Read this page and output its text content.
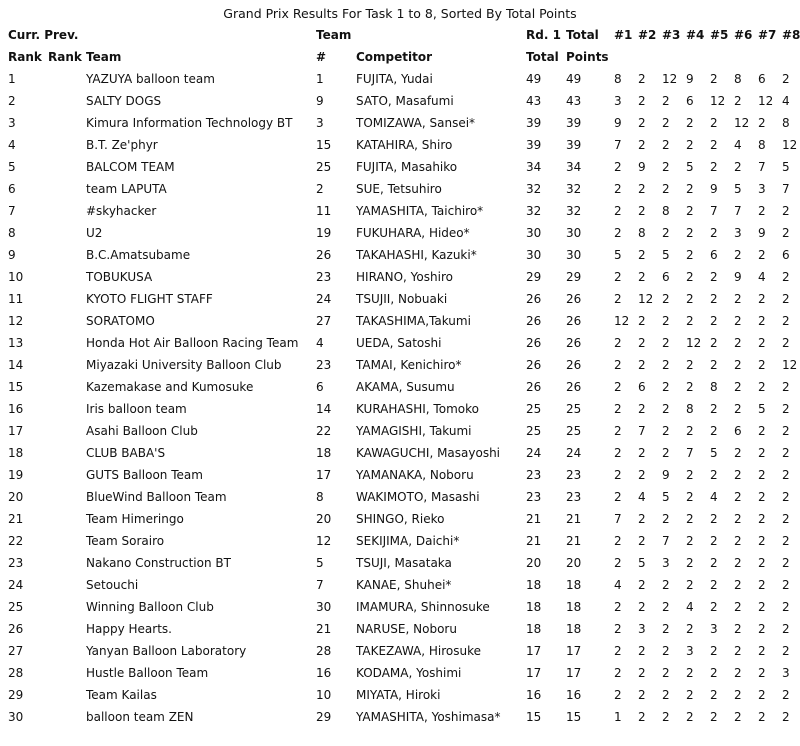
Grand Prix Results For Task 1 to 8, Sorted By Total Points
Curr. Prev.			Team		Rd. 1	Total	#1	#2	#3	#4	#5	#6	#7	#8
Rank	Rank	Team	#	Competitor	Total	Points								
1		YAZUYA balloon team	1	FUJITA, Yudai	49	49	8	2	12	9	2	8	6	2
2		SALTY DOGS	9	SATO, Masafumi	43	43	3	2	2	6	12	2	12	4
3		Kimura Information Technology BT	3	TOMIZAWA, Sansei*	39	39	9	2	2	2	2	12	2	8
4		B.T. Ze'phyr	15	KATAHIRA, Shiro	39	39	7	2	2	2	2	4	8	12
5		BALCOM TEAM	25	FUJITA, Masahiko	34	34	2	9	2	5	2	2	7	5
6		team LAPUTA	2	SUE, Tetsuhiro	32	32	2	2	2	2	9	5	3	7
7		#skyhacker	11	YAMASHITA, Taichiro*	32	32	2	2	8	2	7	7	2	2
8		U2	19	FUKUHARA, Hideo*	30	30	2	8	2	2	2	3	9	2
9		B.C.Amatsubame	26	TAKAHASHI, Kazuki*	30	30	5	2	5	2	6	2	2	6
10		TOBUKUSA	23	HIRANO, Yoshiro	29	29	2	2	6	2	2	9	4	2
11		KYOTO FLIGHT STAFF	24	TSUJII, Nobuaki	26	26	2	12	2	2	2	2	2	2
12		SORATOMO	27	TAKASHIMA,Takumi	26	26	12	2	2	2	2	2	2	2
13		Honda Hot Air Balloon Racing Team	4	UEDA, Satoshi	26	26	2	2	2	12	2	2	2	2
14		Miyazaki University Balloon Club	23	TAMAI, Kenichiro*	26	26	2	2	2	2	2	2	2	12
15		Kazemakase and Kumosuke	6	AKAMA, Susumu	26	26	2	6	2	2	8	2	2	2
16		Iris balloon team	14	KURAHASHI, Tomoko	25	25	2	2	2	8	2	2	5	2
17		Asahi Balloon Club	22	YAMAGISHI, Takumi	25	25	2	7	2	2	2	6	2	2
18		CLUB BABA'S	18	KAWAGUCHI, Masayoshi	24	24	2	2	2	7	5	2	2	2
19		GUTS Balloon Team	17	YAMANAKA, Noboru	23	23	2	2	9	2	2	2	2	2
20		BlueWind Balloon Team	8	WAKIMOTO, Masashi	23	23	2	4	5	2	4	2	2	2
21		Team Himeringo	20	SHINGO, Rieko	21	21	7	2	2	2	2	2	2	2
22		Team Sorairo	12	SEKIJIMA, Daichi*	21	21	2	2	7	2	2	2	2	2
23		Nakano Construction BT	5	TSUJI, Masataka	20	20	2	5	3	2	2	2	2	2
24		Setouchi	7	KANAE, Shuhei*	18	18	4	2	2	2	2	2	2	2
25		Winning Balloon Club	30	IMAMURA, Shinnosuke	18	18	2	2	2	4	2	2	2	2
26		Happy Hearts.	21	NARUSE, Noboru	18	18	2	3	2	2	3	2	2	2
27		Yanyan Balloon Laboratory	28	TAKEZAWA, Hirosuke	17	17	2	2	2	3	2	2	2	2
28		Hustle Balloon Team	16	KODAMA, Yoshimi	17	17	2	2	2	2	2	2	2	3
29		Team Kailas	10	MIYATA, Hiroki	16	16	2	2	2	2	2	2	2	2
30		balloon team ZEN	29	YAMASHITA, Yoshimasa*	15	15	1	2	2	2	2	2	2	2
